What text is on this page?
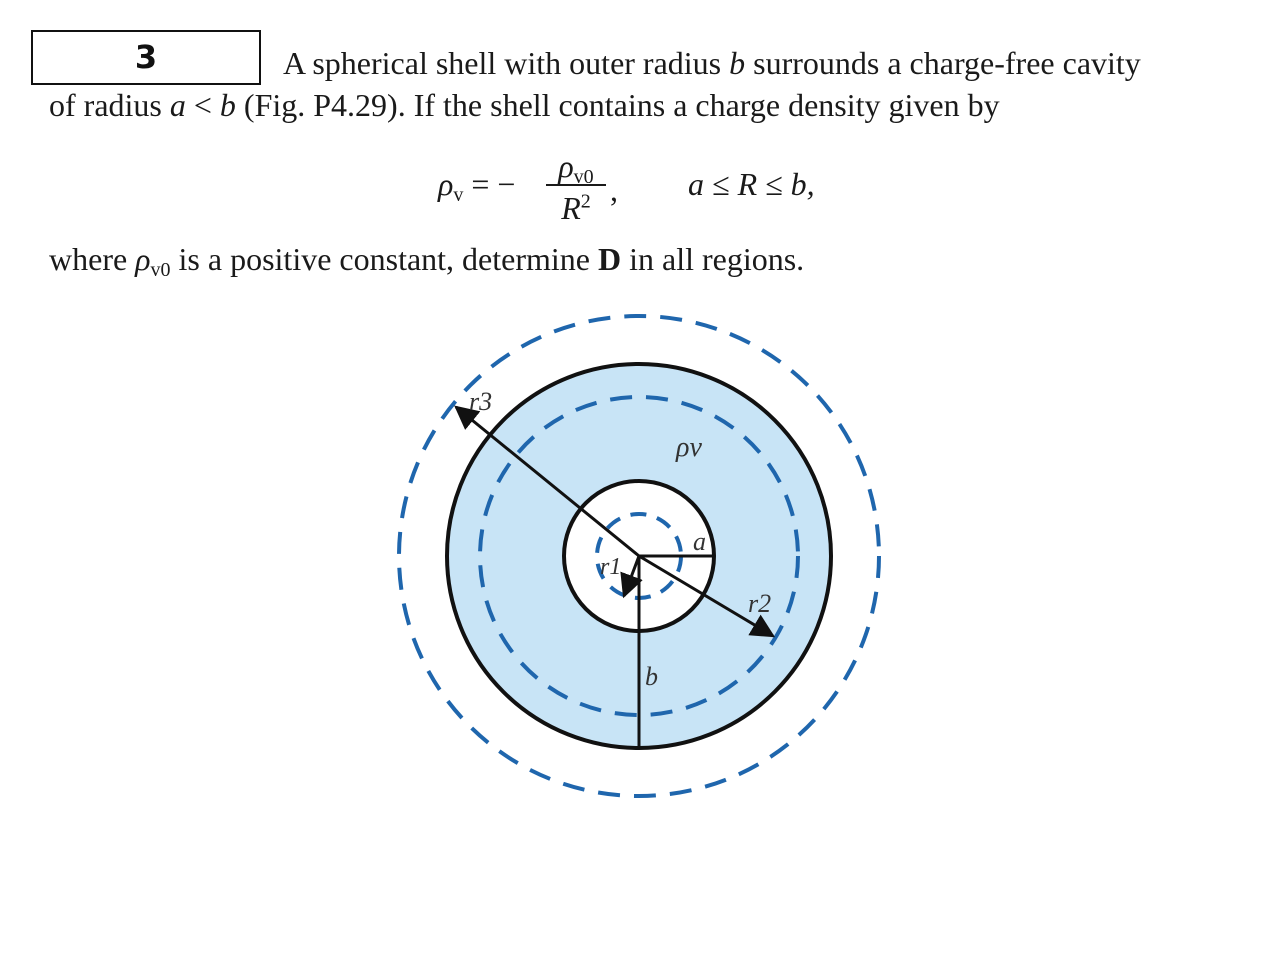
3	A spherical shell with outer radius b surrounds a charge-free cavity
of radius a < b (Fig. P4.29). If the shell contains a charge density given by
$\rho_v$ = −	$\rho_{v0}$
$R^2$ , a ≤ R ≤ b,
where $\rho_{v0}$ is a positive constant, determine D in all regions.
r3
ρv
a
r1
r2
b
